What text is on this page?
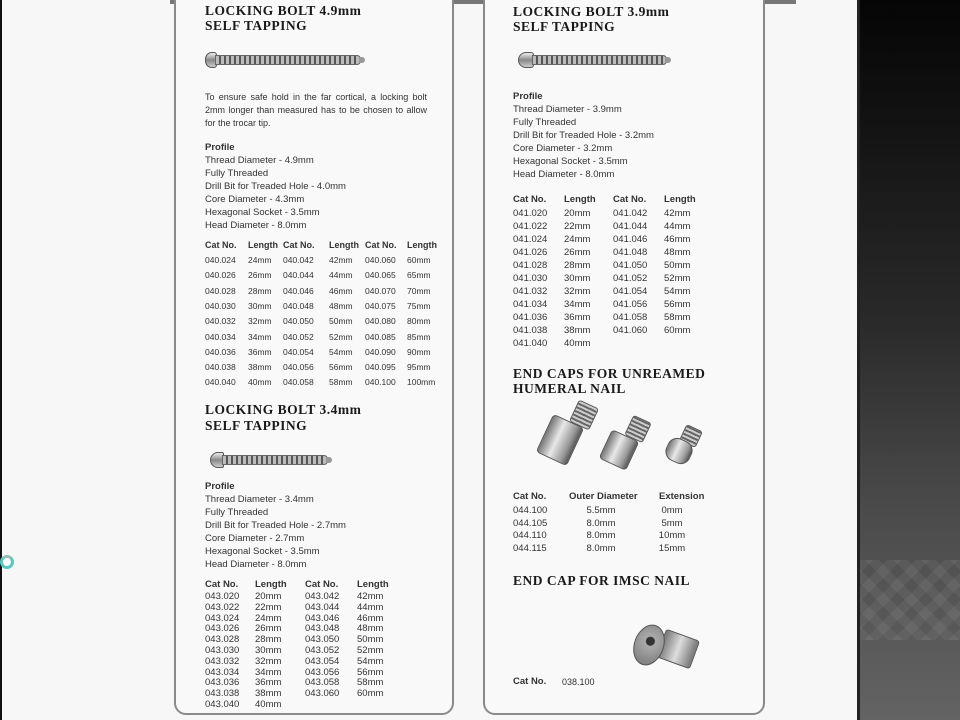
LOCKING BOLT 4.9mm
SELF TAPPING
To ensure safe hold in the far cortical, a locking bolt 2mm longer than measured has to be chosen to allow for the trocar tip.
Profile
Thread Diameter - 4.9mm
Fully Threaded
Drill Bit for Treaded Hole - 4.0mm
Core Diameter - 4.3mm
Hexagonal Socket - 3.5mm
Head Diameter - 8.0mm
Cat No. Length Cat No. Length Cat No. Length
040.024 24mm 040.042 42mm 040.060 60mm
040.026 26mm 040.044 44mm 040.065 65mm
040.028 28mm 040.046 46mm 040.070 70mm
040.030 30mm 040.048 48mm 040.075 75mm
040.032 32mm 040.050 50mm 040.080 80mm
040.034 34mm 040.052 52mm 040.085 85mm
040.036 36mm 040.054 54mm 040.090 90mm
040.038 38mm 040.056 56mm 040.095 95mm
040.040 40mm 040.058 58mm 040.100 100mm
LOCKING BOLT 3.4mm
SELF TAPPING
Profile
Thread Diameter - 3.4mm
Fully Threaded
Drill Bit for Treaded Hole - 2.7mm
Core Diameter - 2.7mm
Hexagonal Socket - 3.5mm
Head Diameter - 8.0mm
Cat No. Length Cat No. Length
043.020 20mm 043.042 42mm
043.022 22mm 043.044 44mm
043.024 24mm 043.046 46mm
043.026 26mm 043.048 48mm
043.028 28mm 043.050 50mm
043.030 30mm 043.052 52mm
043.032 32mm 043.054 54mm
043.034 34mm 043.056 56mm
043.036 36mm 043.058 58mm
043.038 38mm 043.060 60mm
043.040 40mm
LOCKING BOLT 3.9mm
SELF TAPPING
Profile
Thread Diameter - 3.9mm
Fully Threaded
Drill Bit for Treaded Hole - 3.2mm
Core Diameter - 3.2mm
Hexagonal Socket - 3.5mm
Head Diameter - 8.0mm
Cat No. Length Cat No. Length
041.020 20mm 041.042 42mm
041.022 22mm 041.044 44mm
041.024 24mm 041.046 46mm
041.026 26mm 041.048 48mm
041.028 28mm 041.050 50mm
041.030 30mm 041.052 52mm
041.032 32mm 041.054 54mm
041.034 34mm 041.056 56mm
041.036 36mm 041.058 58mm
041.038 38mm 041.060 60mm
041.040 40mm
END CAPS FOR UNREAMED
HUMERAL NAIL
Cat No. Outer Diameter Extension
044.100	5.5mm	0mm
044.105	8.0mm	5mm
044.110	8.0mm	10mm
044.115	8.0mm	15mm
END CAP FOR IMSC NAIL
Cat No. 038.100
